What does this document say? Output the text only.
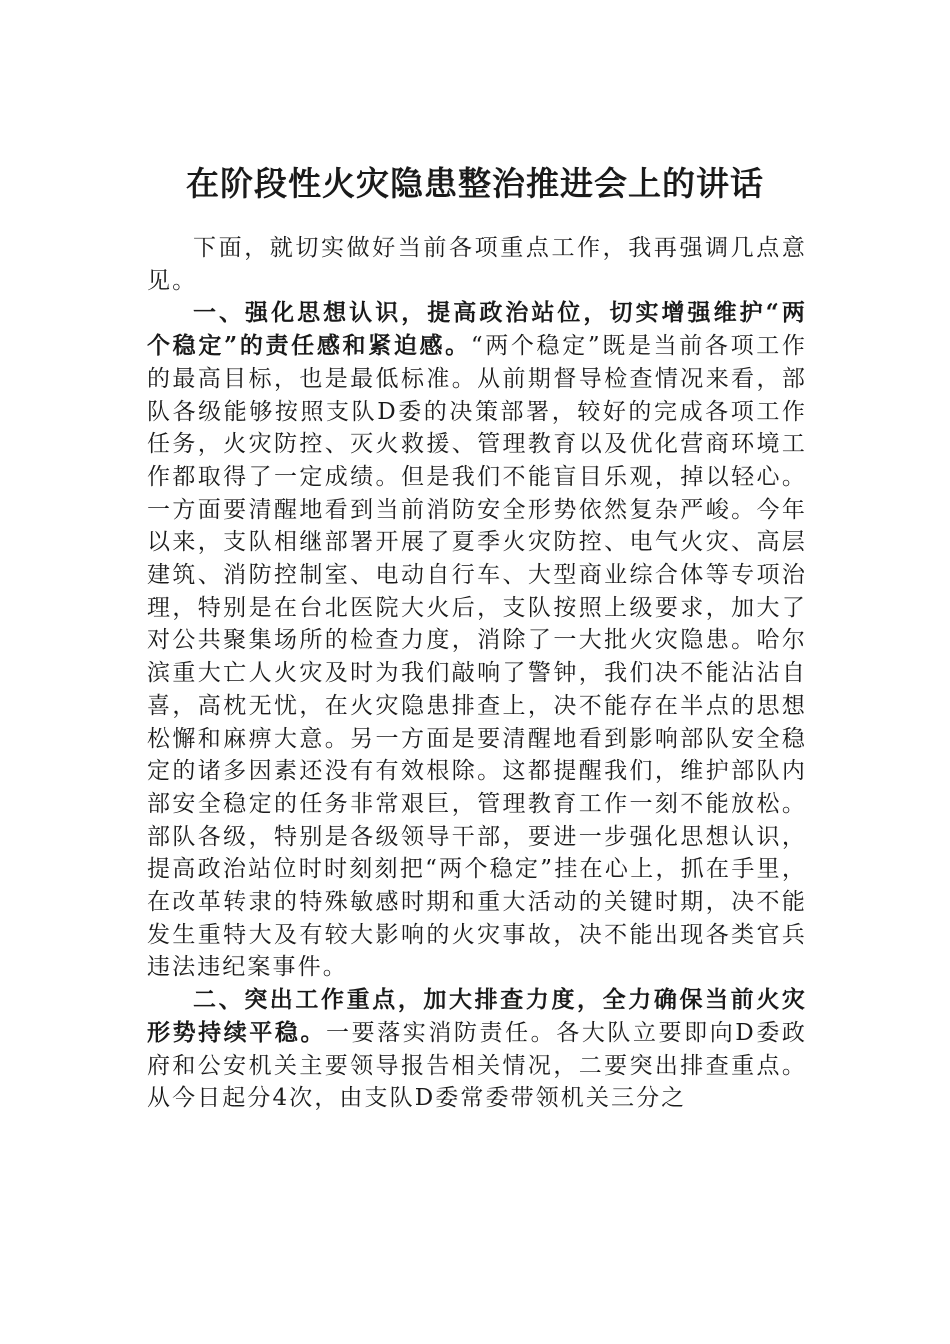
在阶段性火灾隐患整治推进会上的讲话

下面，就切实做好当前各项重点工作，我再强调几点意见。

一、强化思想认识，提高政治站位，切实增强维护“两个稳定”的责任感和紧迫感。“两个稳定”既是当前各项工作的最高目标，也是最低标准。从前期督导检查情况来看，部队各级能够按照支队D委的决策部署，较好的完成各项工作任务，火灾防控、灭火救援、管理教育以及优化营商环境工作都取得了一定成绩。但是我们不能盲目乐观，掉以轻心。一方面要清醒地看到当前消防安全形势依然复杂严峻。今年以来，支队相继部署开展了夏季火灾防控、电气火灾、高层建筑、消防控制室、电动自行车、大型商业综合体等专项治理，特别是在台北医院大火后，支队按照上级要求，加大了对公共聚集场所的检查力度，消除了一大批火灾隐患。哈尔滨重大亡人火灾及时为我们敲响了警钟，我们决不能沾沾自喜，高枕无忧，在火灾隐患排查上，决不能存在半点的思想松懈和麻痹大意。另一方面是要清醒地看到影响部队安全稳定的诸多因素还没有有效根除。这都提醒我们，维护部队内部安全稳定的任务非常艰巨，管理教育工作一刻不能放松。部队各级，特别是各级领导干部，要进一步强化思想认识，提高政治站位时时刻刻把“两个稳定”挂在心上，抓在手里，在改革转隶的特殊敏感时期和重大活动的关键时期，决不能发生重特大及有较大影响的火灾事故，决不能出现各类官兵违法违纪案事件。

二、突出工作重点，加大排查力度，全力确保当前火灾形势持续平稳。一要落实消防责任。各大队立要即向D委政府和公安机关主要领导报告相关情况，二要突出排查重点。从今日起分4次，由支队D委常委带领机关三分之
